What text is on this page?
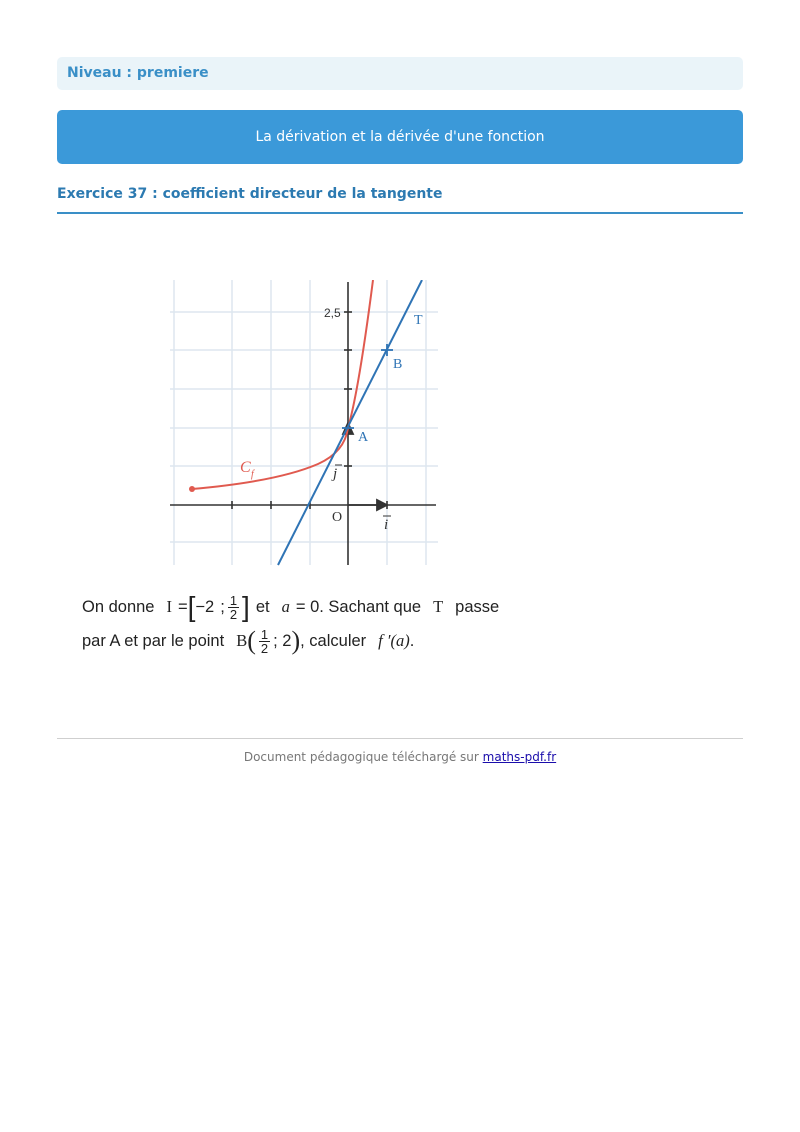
Niveau : premiere
La dérivation et la dérivée d'une fonction
Exercice 37 : coefficient directeur de la tangente
2,5	T
B
A
C f
O	i
j
On donne I = [ −2 ; $\frac{1}{2}$ ] et a = 0 . Sachant que T passe
par A et par le point B ( $\frac{1}{2}$ ; 2 ) , calculer f ′(a) .
Document pédagogique téléchargé sur maths-pdf.fr
